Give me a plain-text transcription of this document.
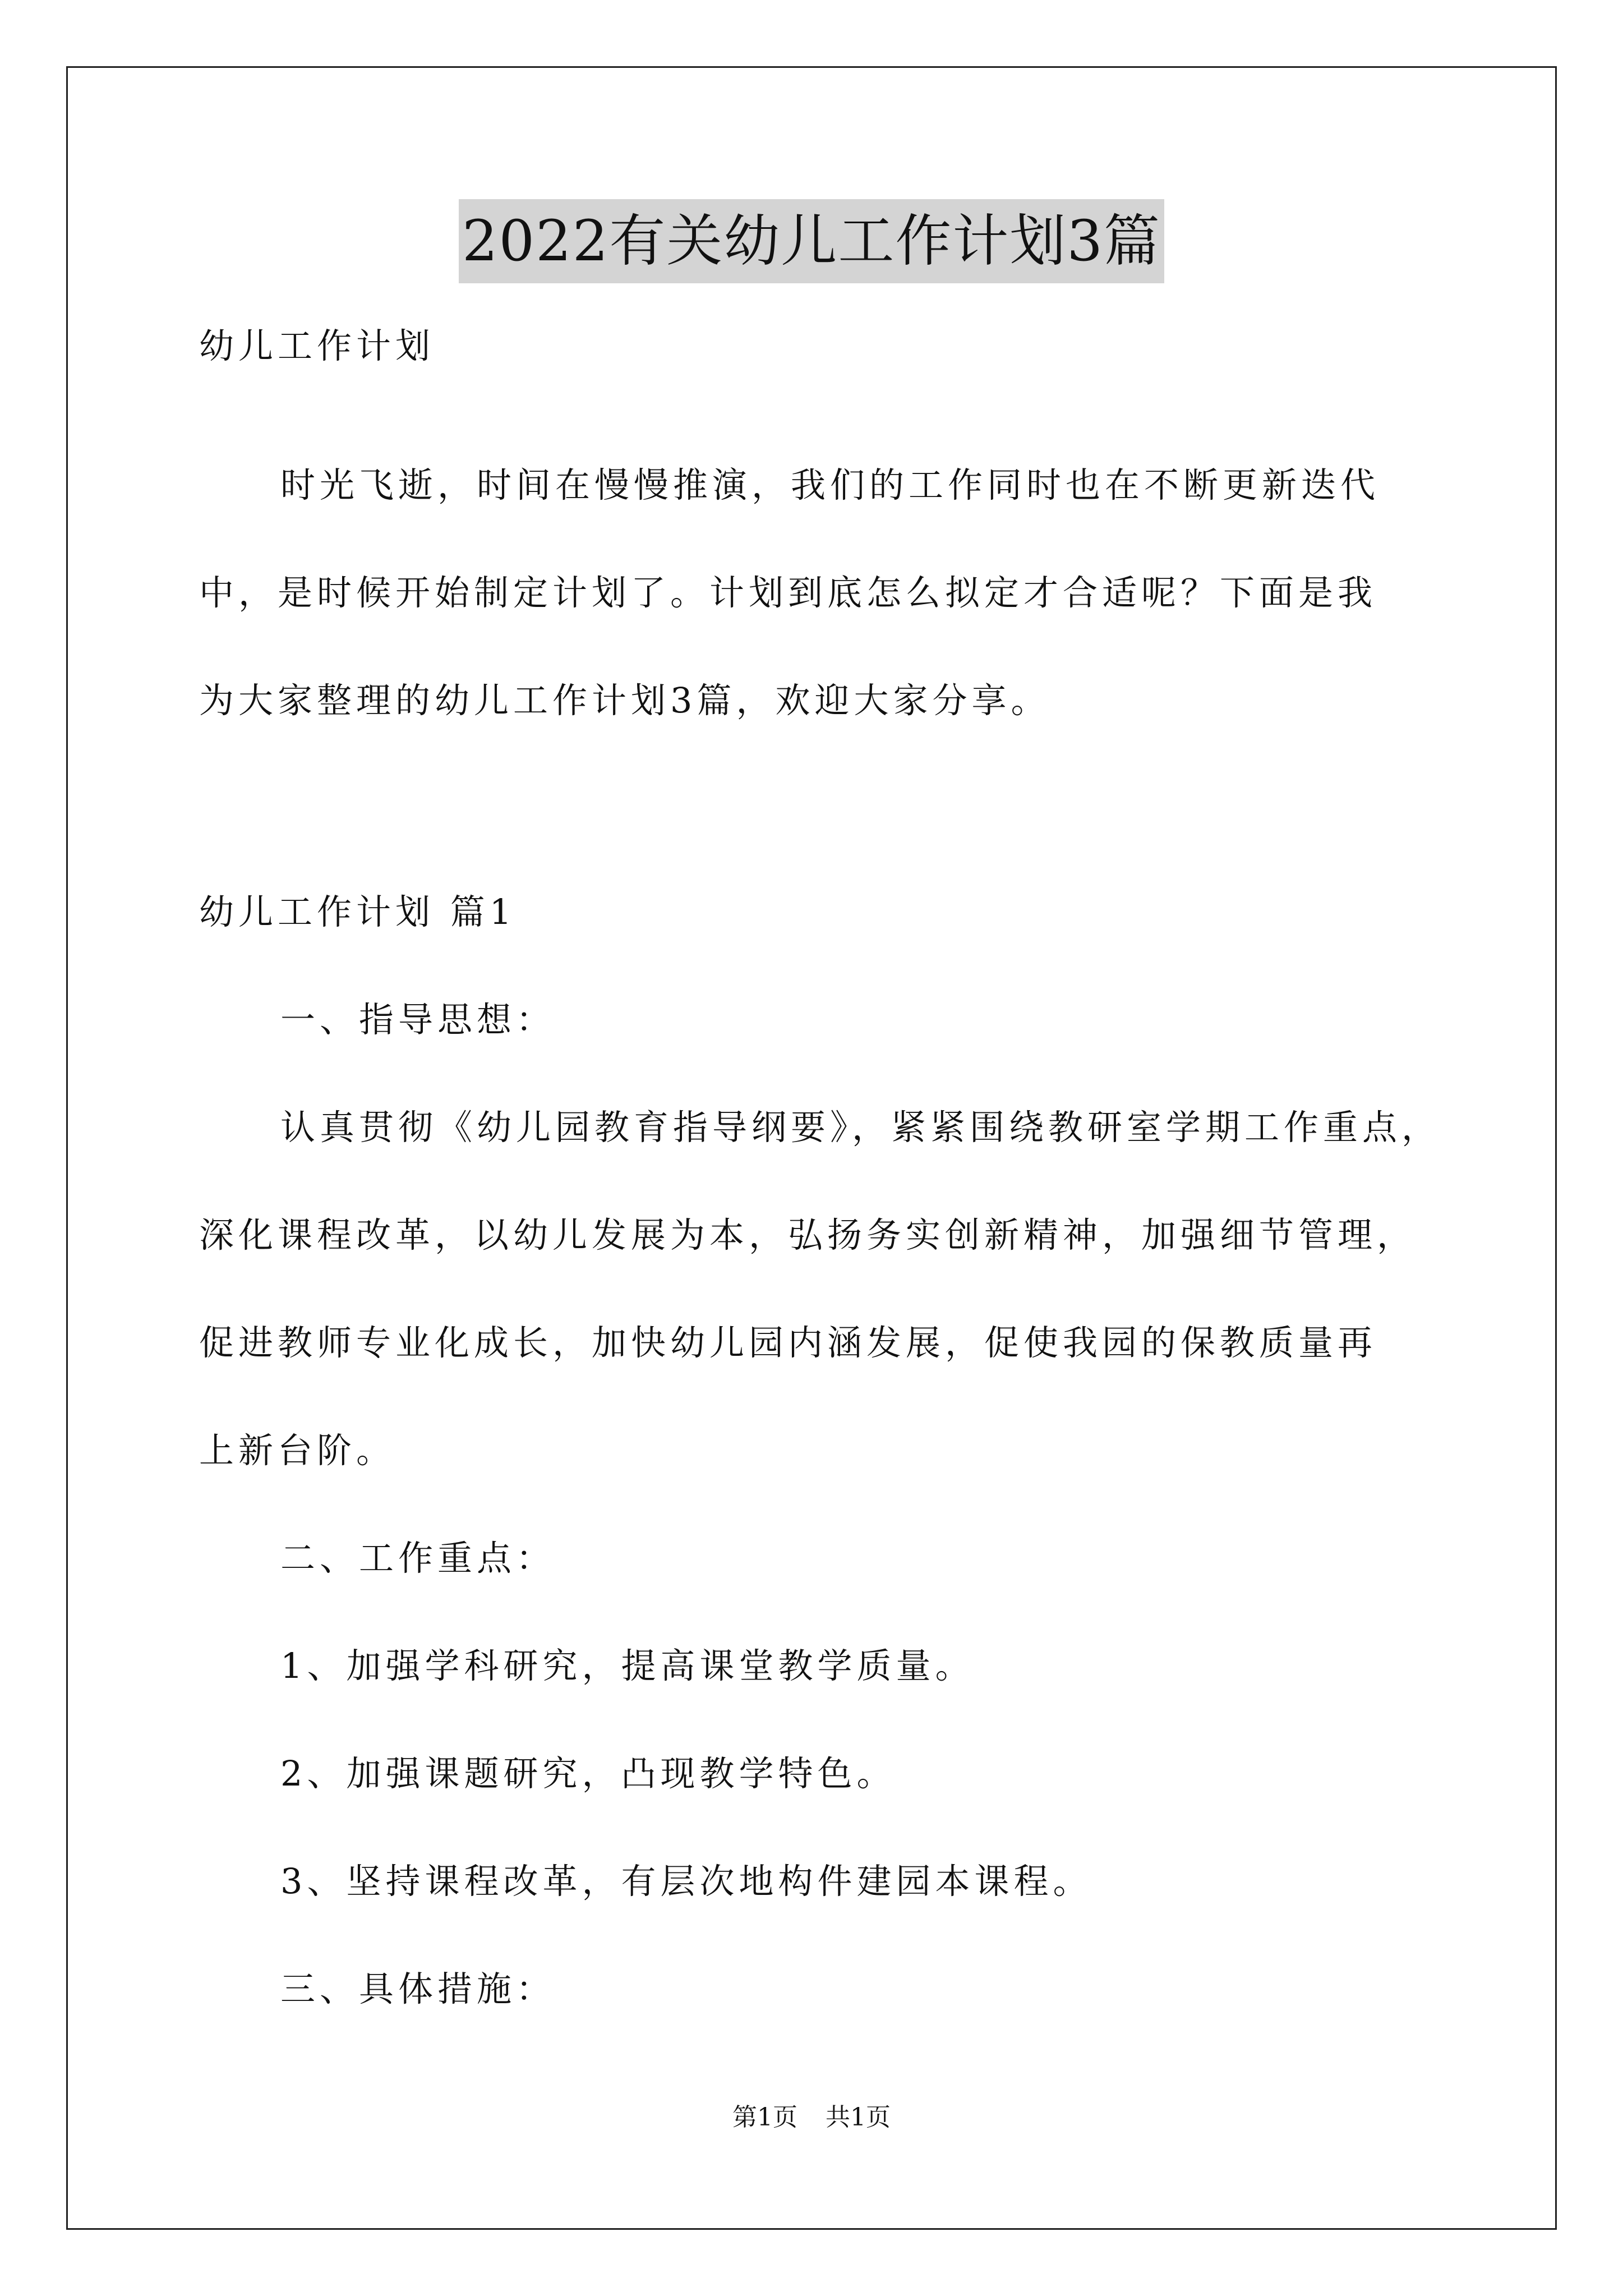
2022有关幼儿工作计划3篇
幼儿工作计划
时光飞逝，时间在慢慢推演，我们的工作同时也在不断更新迭代
中，是时候开始制定计划了。计划到底怎么拟定才合适呢？下面是我
为大家整理的幼儿工作计划3篇，欢迎大家分享。
幼儿工作计划 篇1
一、指导思想：
认真贯彻《幼儿园教育指导纲要》，紧紧围绕教研室学期工作重点，
深化课程改革，以幼儿发展为本，弘扬务实创新精神，加强细节管理，
促进教师专业化成长，加快幼儿园内涵发展，促使我园的保教质量再
上新台阶。
二、工作重点：
1、加强学科研究，提高课堂教学质量。
2、加强课题研究，凸现教学特色。
3、坚持课程改革，有层次地构件建园本课程。
三、具体措施：
第1页 共1页
